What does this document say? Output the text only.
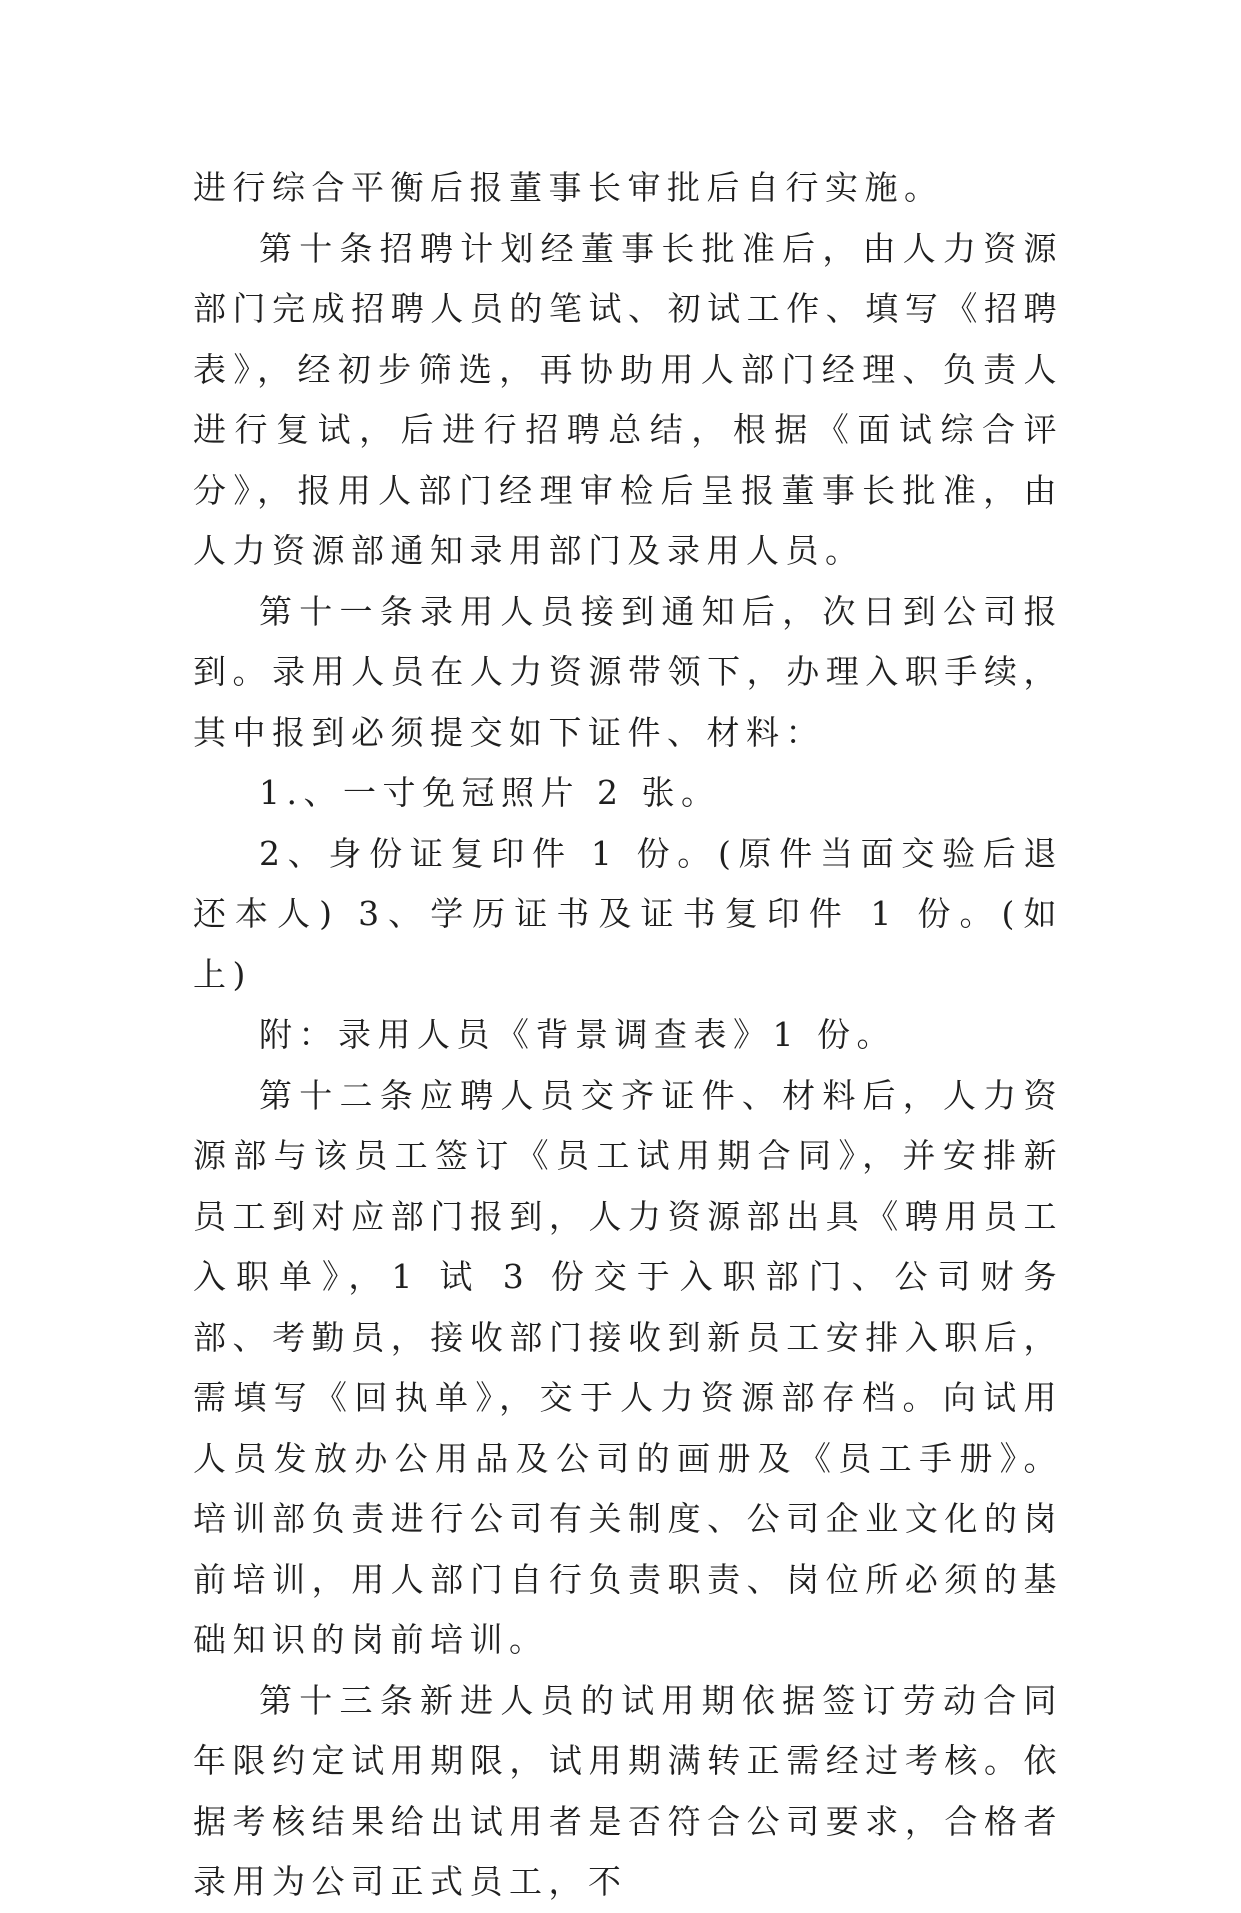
进行综合平衡后报董事长审批后自行实施。

第十条招聘计划经董事长批准后，由人力资源部门完成招聘人员的笔试、初试工作、填写《招聘表》，经初步筛选，再协助用人部门经理、负责人进行复试，后进行招聘总结，根据《面试综合评分》，报用人部门经理审检后呈报董事长批准，由人力资源部通知录用部门及录用人员。

第十一条录用人员接到通知后，次日到公司报到。录用人员在人力资源带领下，办理入职手续，其中报到必须提交如下证件、材料：

1.、一寸免冠照片 2 张。

2、身份证复印件 1 份。(原件当面交验后退还本人) 3、学历证书及证书复印件 1 份。(如上)

附：录用人员《背景调查表》1 份。

第十二条应聘人员交齐证件、材料后，人力资源部与该员工签订《员工试用期合同》，并安排新员工到对应部门报到，人力资源部出具《聘用员工入职单》，1 试 3 份交于入职部门、公司财务部、考勤员，接收部门接收到新员工安排入职后，需填写《回执单》，交于人力资源部存档。向试用人员发放办公用品及公司的画册及《员工手册》。培训部负责进行公司有关制度、公司企业文化的岗前培训，用人部门自行负责职责、岗位所必须的基础知识的岗前培训。

第十三条新进人员的试用期依据签订劳动合同年限约定试用期限，试用期满转正需经过考核。依据考核结果给出试用者是否符合公司要求，合格者录用为公司正式员工，不
